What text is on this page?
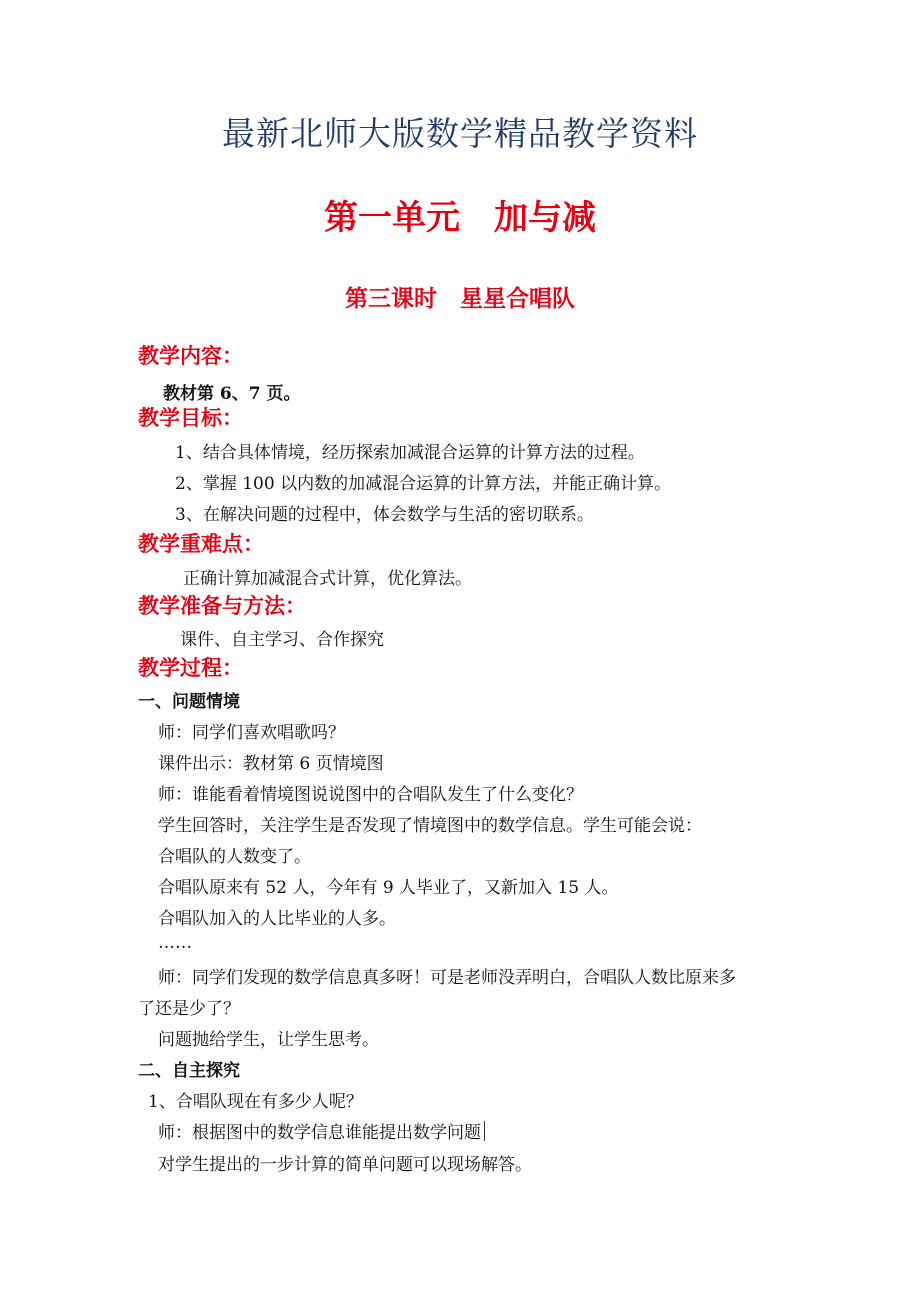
最新北师大版数学精品教学资料
第一单元　加与减
第三课时　星星合唱队
教学内容：
教材第 6、7 页。
教学目标：
1、结合具体情境，经历探索加减混合运算的计算方法的过程。
2、掌握 100 以内数的加减混合运算的计算方法，并能正确计算。
3、在解决问题的过程中，体会数学与生活的密切联系。
教学重难点：
正确计算加减混合式计算，优化算法。
教学准备与方法：
课件、自主学习、合作探究
教学过程：
一、问题情境
师：同学们喜欢唱歌吗？
课件出示：教材第 6 页情境图
师：谁能看着情境图说说图中的合唱队发生了什么变化？
学生回答时，关注学生是否发现了情境图中的数学信息。学生可能会说：
合唱队的人数变了。
合唱队原来有 52 人，今年有 9 人毕业了，又新加入 15 人。
合唱队加入的人比毕业的人多。
……
师：同学们发现的数学信息真多呀！可是老师没弄明白，合唱队人数比原来多
了还是少了？
问题抛给学生，让学生思考。
二、自主探究
1、合唱队现在有多少人呢？
师：根据图中的数学信息谁能提出数学问题
对学生提出的一步计算的简单问题可以现场解答。
